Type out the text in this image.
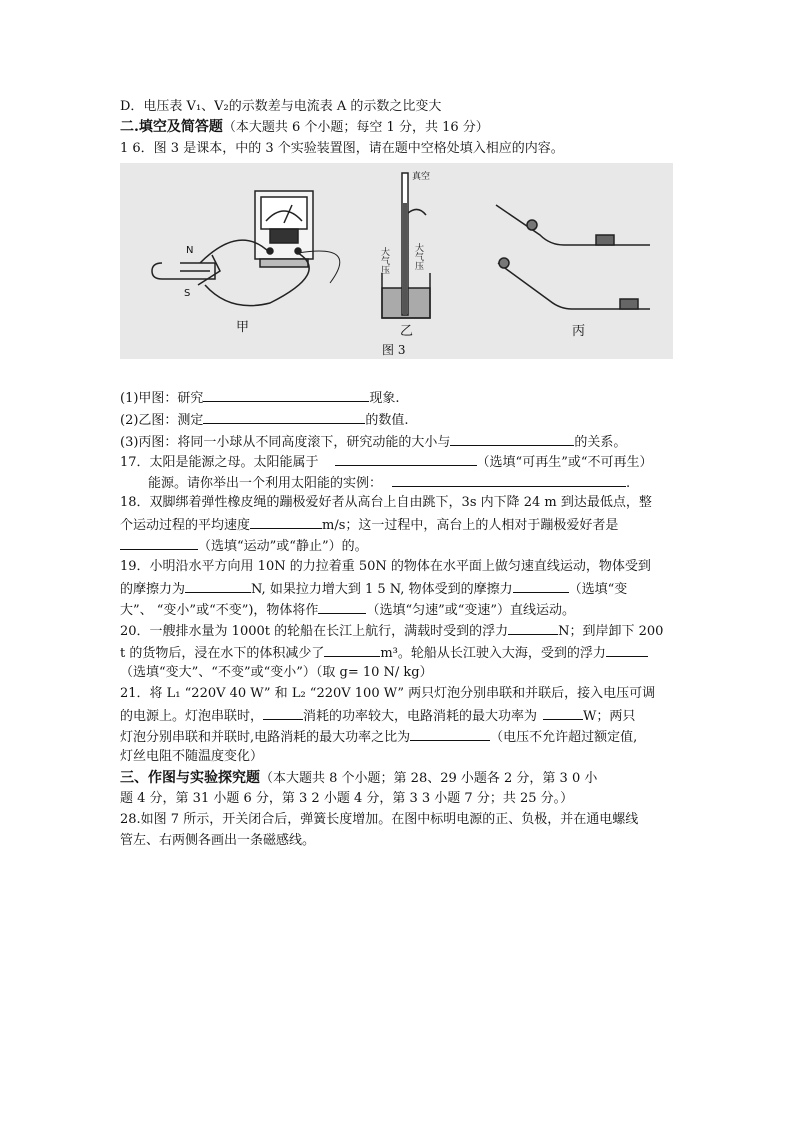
D．电压表 V₁、V₂的示数差与电流表 A 的示数之比变大
二.填空及简答题（本大题共 6 个小题；每空 1 分，共 16 分）
1 6．图 3 是课本，中的 3 个实验装置图，请在题中空格处填入相应的内容。
N
S
甲
真空
大气压	大气压
乙
图 3
丙
(1)甲图：研究	现象.
(2)乙图：测定	的数值.
(3)丙图：将同一小球从不同高度滚下，研究动能的大小与	的关系。
17．太阳是能源之母。太阳能属于	（选填“可再生”或“不可再生）
能源。请你举出一个利用太阳能的实例：	.
18．双脚绑着弹性橡皮绳的蹦极爱好者从高台上自由跳下，3s 内下降 24 m 到达最低点，整
个运动过程的平均速度	m/s；这一过程中，高台上的人相对于蹦极爱好者是
（选填“运动”或“静止”）的。
19．小明沿水平方向用 10N 的力拉着重 50N 的物体在水平面上做匀速直线运动，物体受到
的摩擦力为	N, 如果拉力增大到 1 5 N, 物体受到的摩擦力	（选填“变
大”、 “变小”或“不变”)，物体将作	（选填“匀速”或“变速”）直线运动。
20．一艘排水量为 1000t 的轮船在长江上航行，满载时受到的浮力	N；到岸卸下 200
t 的货物后，浸在水下的体积减少了	m³。轮船从长江驶入大海，受到的浮力
（选填“变大”、“不变”或“变小”）（取 g= 10 N/ kg）
21．将 L₁ “220V 40 W” 和 L₂ “220V 100 W” 两只灯泡分别串联和并联后，接入电压可调
的电源上。灯泡串联时，	消耗的功率较大，电路消耗的最大功率为	W；两只
灯泡分别串联和并联时,电路消耗的最大功率之比为	（电压不允许超过额定值,
灯丝电阻不随温度变化）
三、作图与实验探究题（本大题共 8 个小题；第 28、29 小题各 2 分，第 3 0 小
题 4 分，第 31 小题 6 分，第 3 2 小题 4 分，第 3 3 小题 7 分；共 25 分。）
28.如图 7 所示，开关闭合后，弹簧长度增加。在图中标明电源的正、负极，并在通电螺线
管左、右两侧各画出一条磁感线。
